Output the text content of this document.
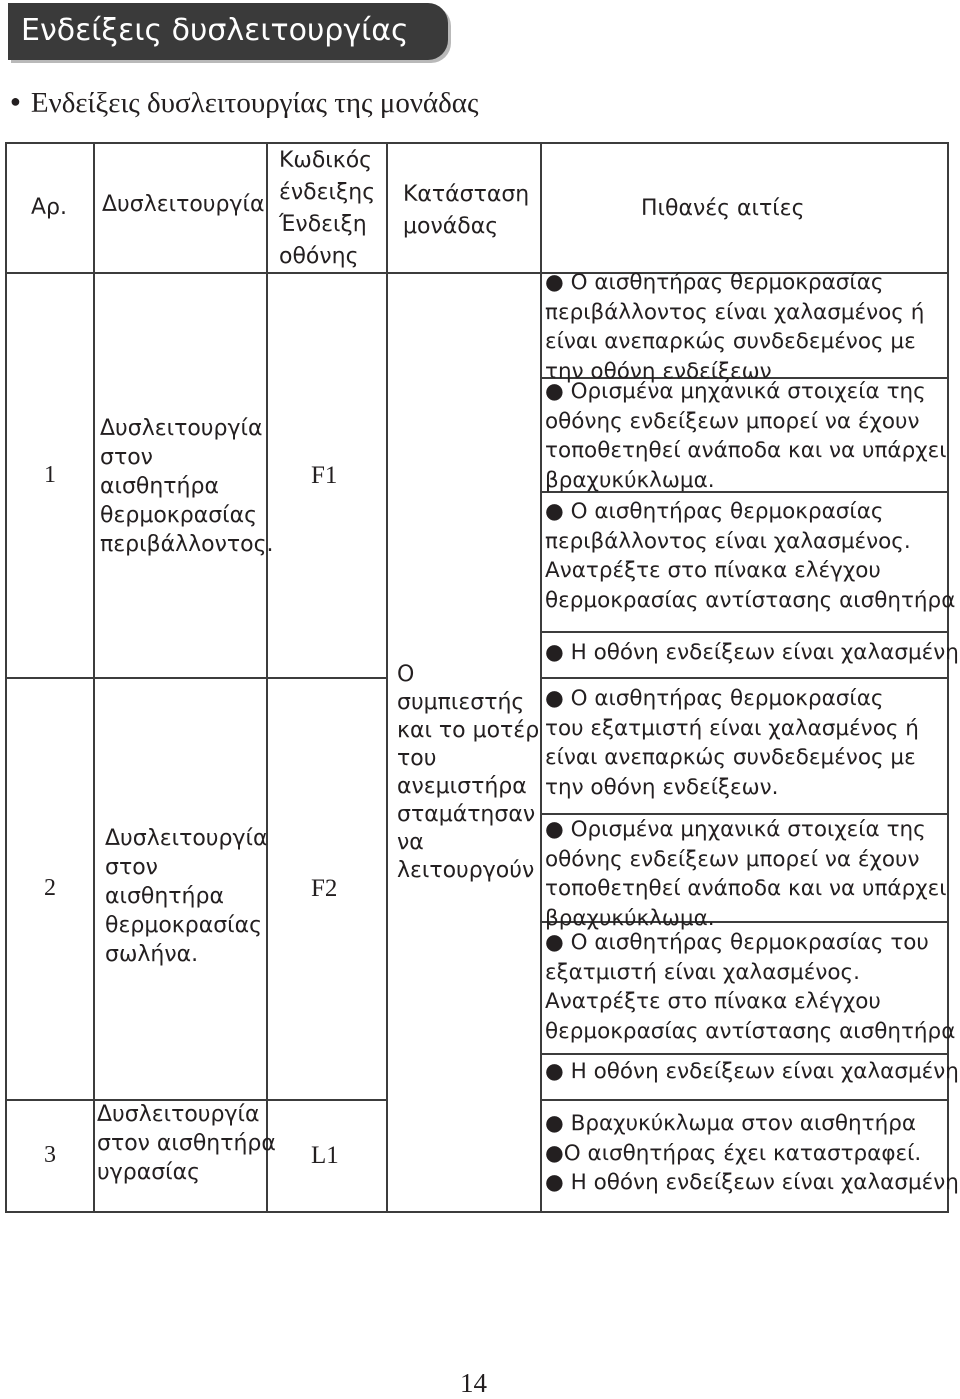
Ενδείξεις δυσλειτουργίας
● Ενδείξεις δυσλειτουργίας της μονάδας
Αρ. Δυσλειτουργία
Κωδικός
ένδειξης
Ένδειξη
οθόνης
Κατάσταση
μονάδας
Πιθανές αιτίες
1
Δυσλειτουργία
στον
αισθητήρα
θερμοκρασίας
περιβάλλοντος.
F1
● Ο αισθητήρας θερμοκρασίας
περιβάλλοντος είναι χαλασμένος ή
είναι ανεπαρκώς συνδεδεμένος με
την οθόνη ενδείξεων
● Ορισμένα μηχανικά στοιχεία της
οθόνης ενδείξεων μπορεί να έχουν
τοποθετηθεί ανάποδα και να υπάρχει
βραχυκύκλωμα.
● Ο αισθητήρας θερμοκρασίας
περιβάλλοντος είναι χαλασμένος.
Ανατρέξτε στο πίνακα ελέγχου
θερμοκρασίας αντίστασης αισθητήρα
● Η οθόνη ενδείξεων είναι χαλασμένη
Ο
συμπιεστής
και το μοτέρ
του
ανεμιστήρα
σταμάτησαν
να
λειτουργούν
2
Δυσλειτουργία
στον
αισθητήρα
θερμοκρασίας
σωλήνα.
F2
● Ο αισθητήρας θερμοκρασίας
του εξατμιστή είναι χαλασμένος ή
είναι ανεπαρκώς συνδεδεμένος με
την οθόνη ενδείξεων.
● Ορισμένα μηχανικά στοιχεία της
οθόνης ενδείξεων μπορεί να έχουν
τοποθετηθεί ανάποδα και να υπάρχει
βραχυκύκλωμα.
● Ο αισθητήρας θερμοκρασίας του
εξατμιστή είναι χαλασμένος.
Ανατρέξτε στο πίνακα ελέγχου
θερμοκρασίας αντίστασης αισθητήρα
● Η οθόνη ενδείξεων είναι χαλασμένη
3
Δυσλειτουργία
στον αισθητήρα
υγρασίας
L1
● Βραχυκύκλωμα στον αισθητήρα
●Ο αισθητήρας έχει καταστραφεί.
● Η οθόνη ενδείξεων είναι χαλασμένη
14
